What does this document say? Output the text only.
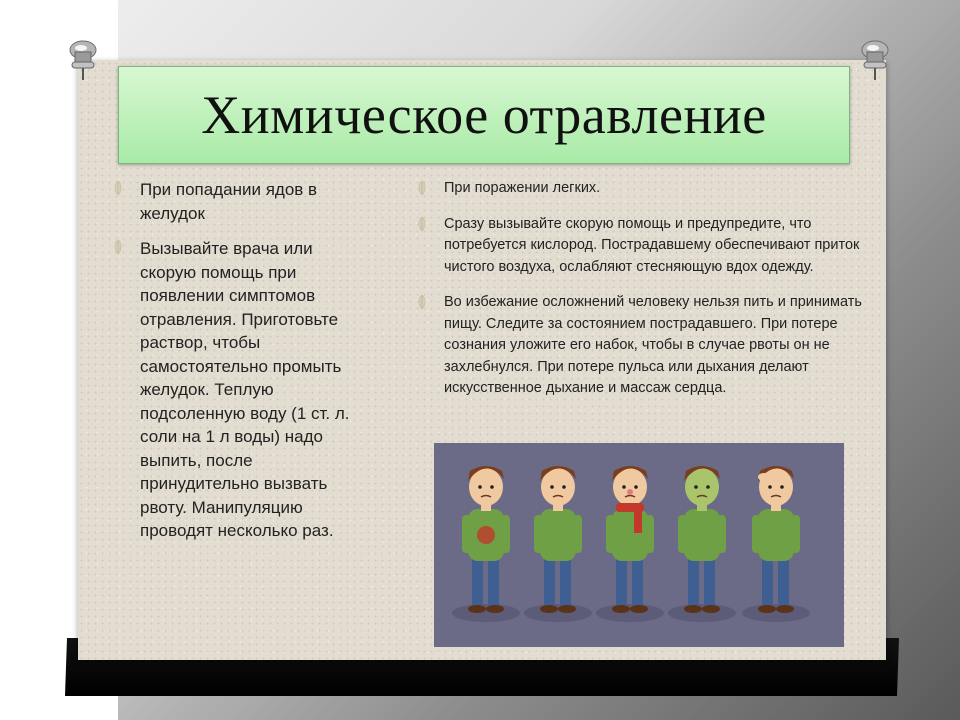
Химическое отравление
При попадании ядов в желудок
Вызывайте врача или скорую помощь при появлении симптомов отравления. Приготовьте раствор, чтобы самостоятельно промыть желудок. Теплую подсоленную воду (1 ст. л. соли на 1 л воды) надо выпить, после принудительно вызвать рвоту. Манипуляцию проводят несколько раз.
При поражении легких.
Сразу вызывайте скорую помощь и предупредите, что потребуется кислород. Пострадавшему обеспечивают приток чистого воздуха, ослабляют стесняющую вдох одежду.
Во избежание осложнений человеку нельзя пить и принимать пищу. Следите за состоянием пострадавшего. При потере сознания уложите его набок, чтобы в случае рвоты он не захлебнулся. При потере пульса или дыхания делают искусственное дыхание и массаж сердца.
